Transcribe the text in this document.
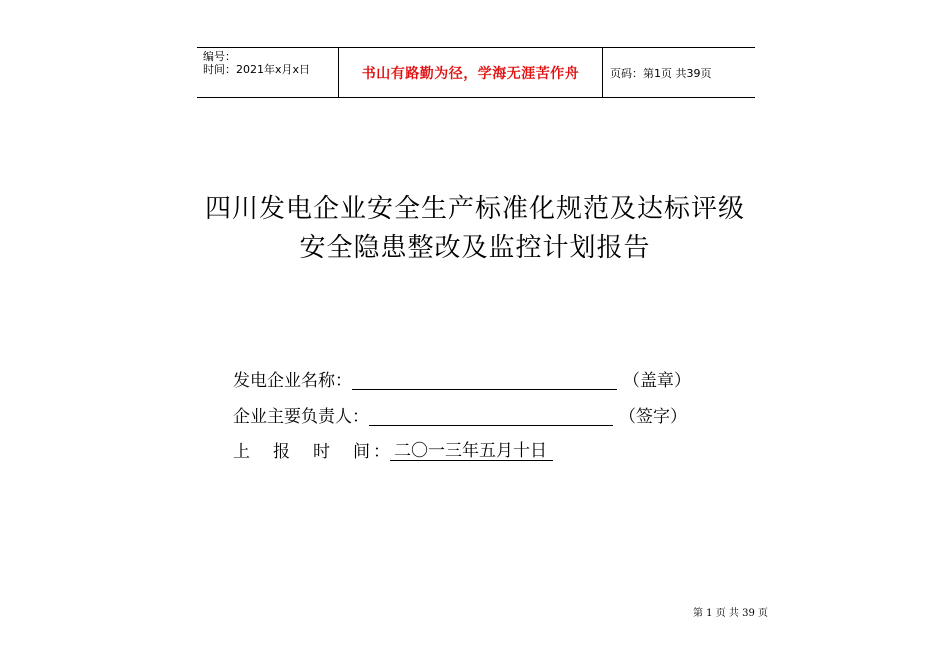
编号：
时间：2021年x月x日	书山有路勤为径，学海无涯苦作舟	页码：第1页 共39页
四川发电企业安全生产标准化规范及达标评级
安全隐患整改及监控计划报告
发电企业名称：	（盖章）
企业主要负责人：	（签字）
上 报 时 间 ： 二〇一三年五月十日
第 1 页 共 39 页
